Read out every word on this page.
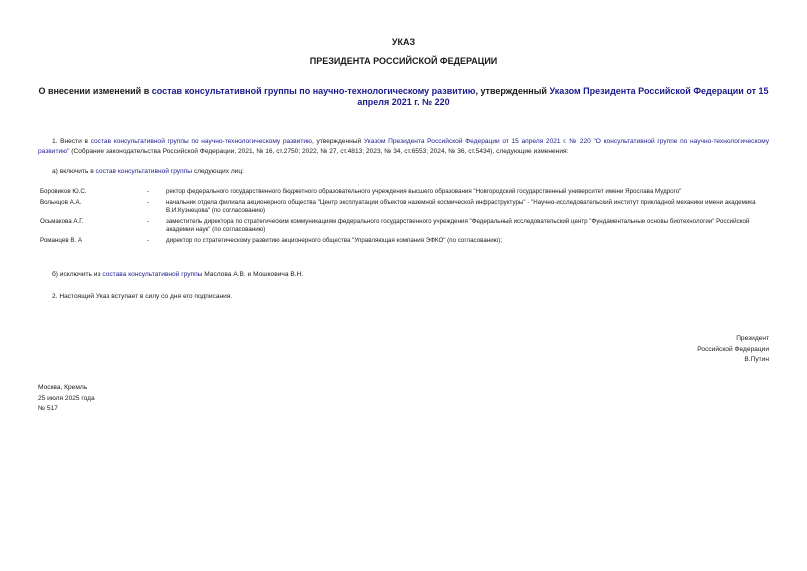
УКАЗ
ПРЕЗИДЕНТА РОССИЙСКОЙ ФЕДЕРАЦИИ
О внесении изменений в состав консультативной группы по научно-технологическому развитию, утвержденный Указом Президента Российской Федерации от 15 апреля 2021 г. № 220
1. Внести в состав консультативной группы по научно-технологическому развитию, утвержденный Указом Президента Российской Федерации от 15 апреля 2021 г. № 220 "О консультативной группе по научно-технологическому развитию" (Собрание законодательства Российской Федерации, 2021, № 16, ст.2750; 2022, № 27, ст.4813; 2023, № 34, ст.6553; 2024, № 36, ст.5434), следующие изменения:
а) включить в состав консультативной группы следующих лиц:
Боровиков Ю.С.	-	ректор федерального государственного бюджетного образовательного учреждения высшего образования "Новгородский государственный университет имени Ярослава Мудрого"
Вольнцов А.А.	-	начальник отдела филиала акционерного общества "Центр эксплуатации объектов наземной космической инфраструктуры" - "Научно-исследовательский институт прикладной механики имени академика В.И.Кузнецова" (по согласованию)
Осьмакова А.Г.	-	заместитель директора по стратегическим коммуникациям федерального государственного учреждения "Федеральный исследовательский центр "Фундаментальные основы биотехнологии" Российской академии наук" (по согласованию)
Романцев В. А	-	директор по стратегическому развитию акционерного общества "Управляющая компания ЭФКО" (по согласованию);
б) исключить из состава консультативной группы Маслова А.В. и Мошковича В.Н.
2. Настоящий Указ вступает в силу со дня его подписания.
Президент
Российской Федерации
В.Путин
Москва, Кремль
25 июля 2025 года
№ 517
